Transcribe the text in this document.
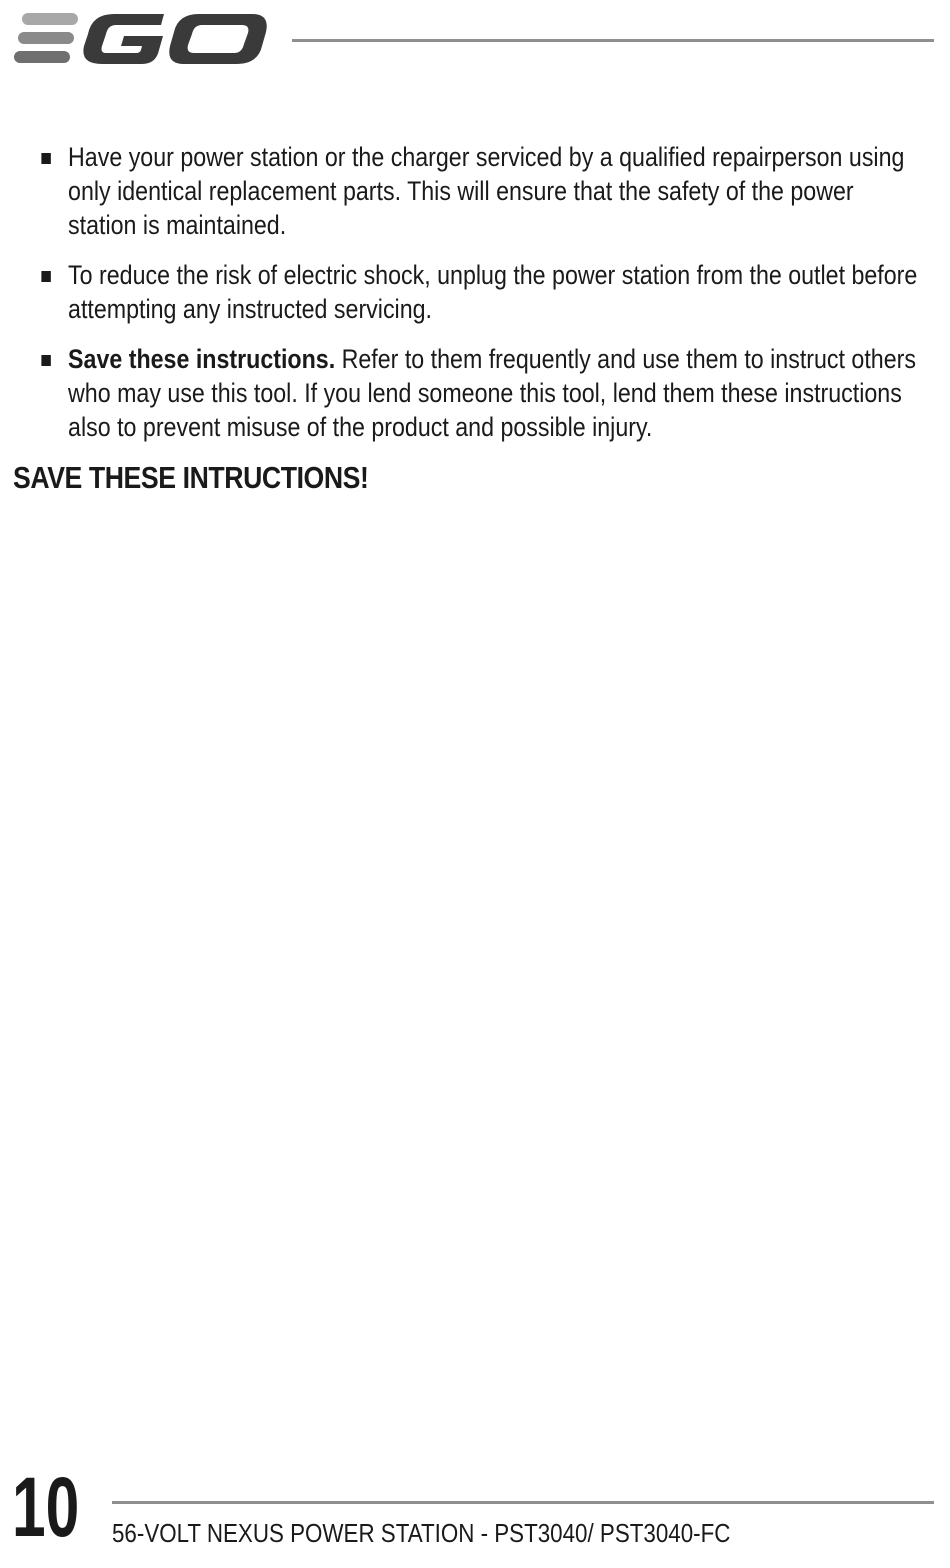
Have your power station or the charger serviced by a qualified repairperson using only identical replacement parts. This will ensure that the safety of the power station is maintained.
To reduce the risk of electric shock, unplug the power station from the outlet before attempting any instructed servicing.
Save these instructions. Refer to them frequently and use them to instruct others who may use this tool. If you lend someone this tool, lend them these instructions also to prevent misuse of the product and possible injury.
SAVE THESE INTRUCTIONS!
10 56-VOLT NEXUS POWER STATION - PST3040/ PST3040-FC
